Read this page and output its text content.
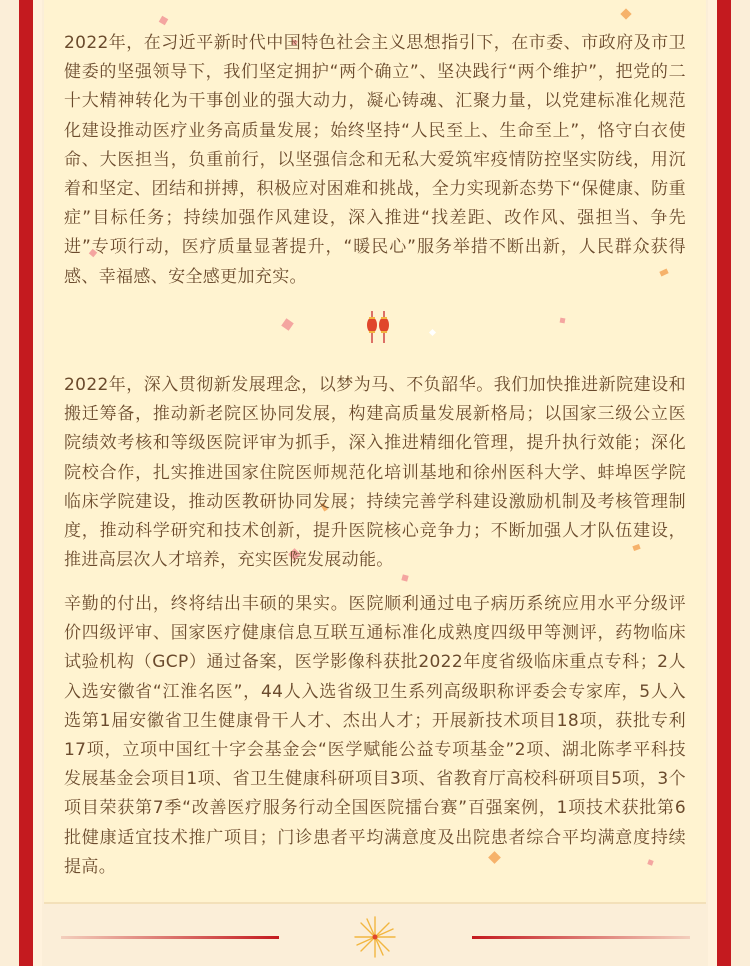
2022年，在习近平新时代中国特色社会主义思想指引下，在市委、市政府及市卫健委的坚强领导下，我们坚定拥护“两个确立”、坚决践行“两个维护”，把党的二十大精神转化为干事创业的强大动力，凝心铸魂、汇聚力量，以党建标准化规范化建设推动医疗业务高质量发展；始终坚持“人民至上、生命至上”，恪守白衣使命、大医担当，负重前行，以坚强信念和无私大爱筑牢疫情防控坚实防线，用沉着和坚定、团结和拼搏，积极应对困难和挑战，全力实现新态势下“保健康、防重症”目标任务；持续加强作风建设，深入推进“找差距、改作风、强担当、争先进”专项行动，医疗质量显著提升，“暖民心”服务举措不断出新，人民群众获得感、幸福感、安全感更加充实。

2022年，深入贯彻新发展理念，以梦为马、不负韶华。我们加快推进新院建设和搬迁筹备，推动新老院区协同发展，构建高质量发展新格局；以国家三级公立医院绩效考核和等级医院评审为抓手，深入推进精细化管理，提升执行效能；深化院校合作，扎实推进国家住院医师规范化培训基地和徐州医科大学、蚌埠医学院临床学院建设，推动医教研协同发展；持续完善学科建设激励机制及考核管理制度，推动科学研究和技术创新，提升医院核心竞争力；不断加强人才队伍建设，推进高层次人才培养，充实医院发展动能。

辛勤的付出，终将结出丰硕的果实。医院顺利通过电子病历系统应用水平分级评价四级评审、国家医疗健康信息互联互通标准化成熟度四级甲等测评，药物临床试验机构（GCP）通过备案，医学影像科获批2022年度省级临床重点专科；2人入选安徽省“江淮名医”，44人入选省级卫生系列高级职称评委会专家库，5人入选第1届安徽省卫生健康骨干人才、杰出人才；开展新技术项目18项，获批专利17项，立项中国红十字会基金会“医学赋能公益专项基金”2项、湖北陈孝平科技发展基金会项目1项、省卫生健康科研项目3项、省教育厅高校科研项目5项，3个项目荣获第7季“改善医疗服务行动全国医院擂台赛”百强案例，1项技术获批第6批健康适宜技术推广项目；门诊患者平均满意度及出院患者综合平均满意度持续提高。
